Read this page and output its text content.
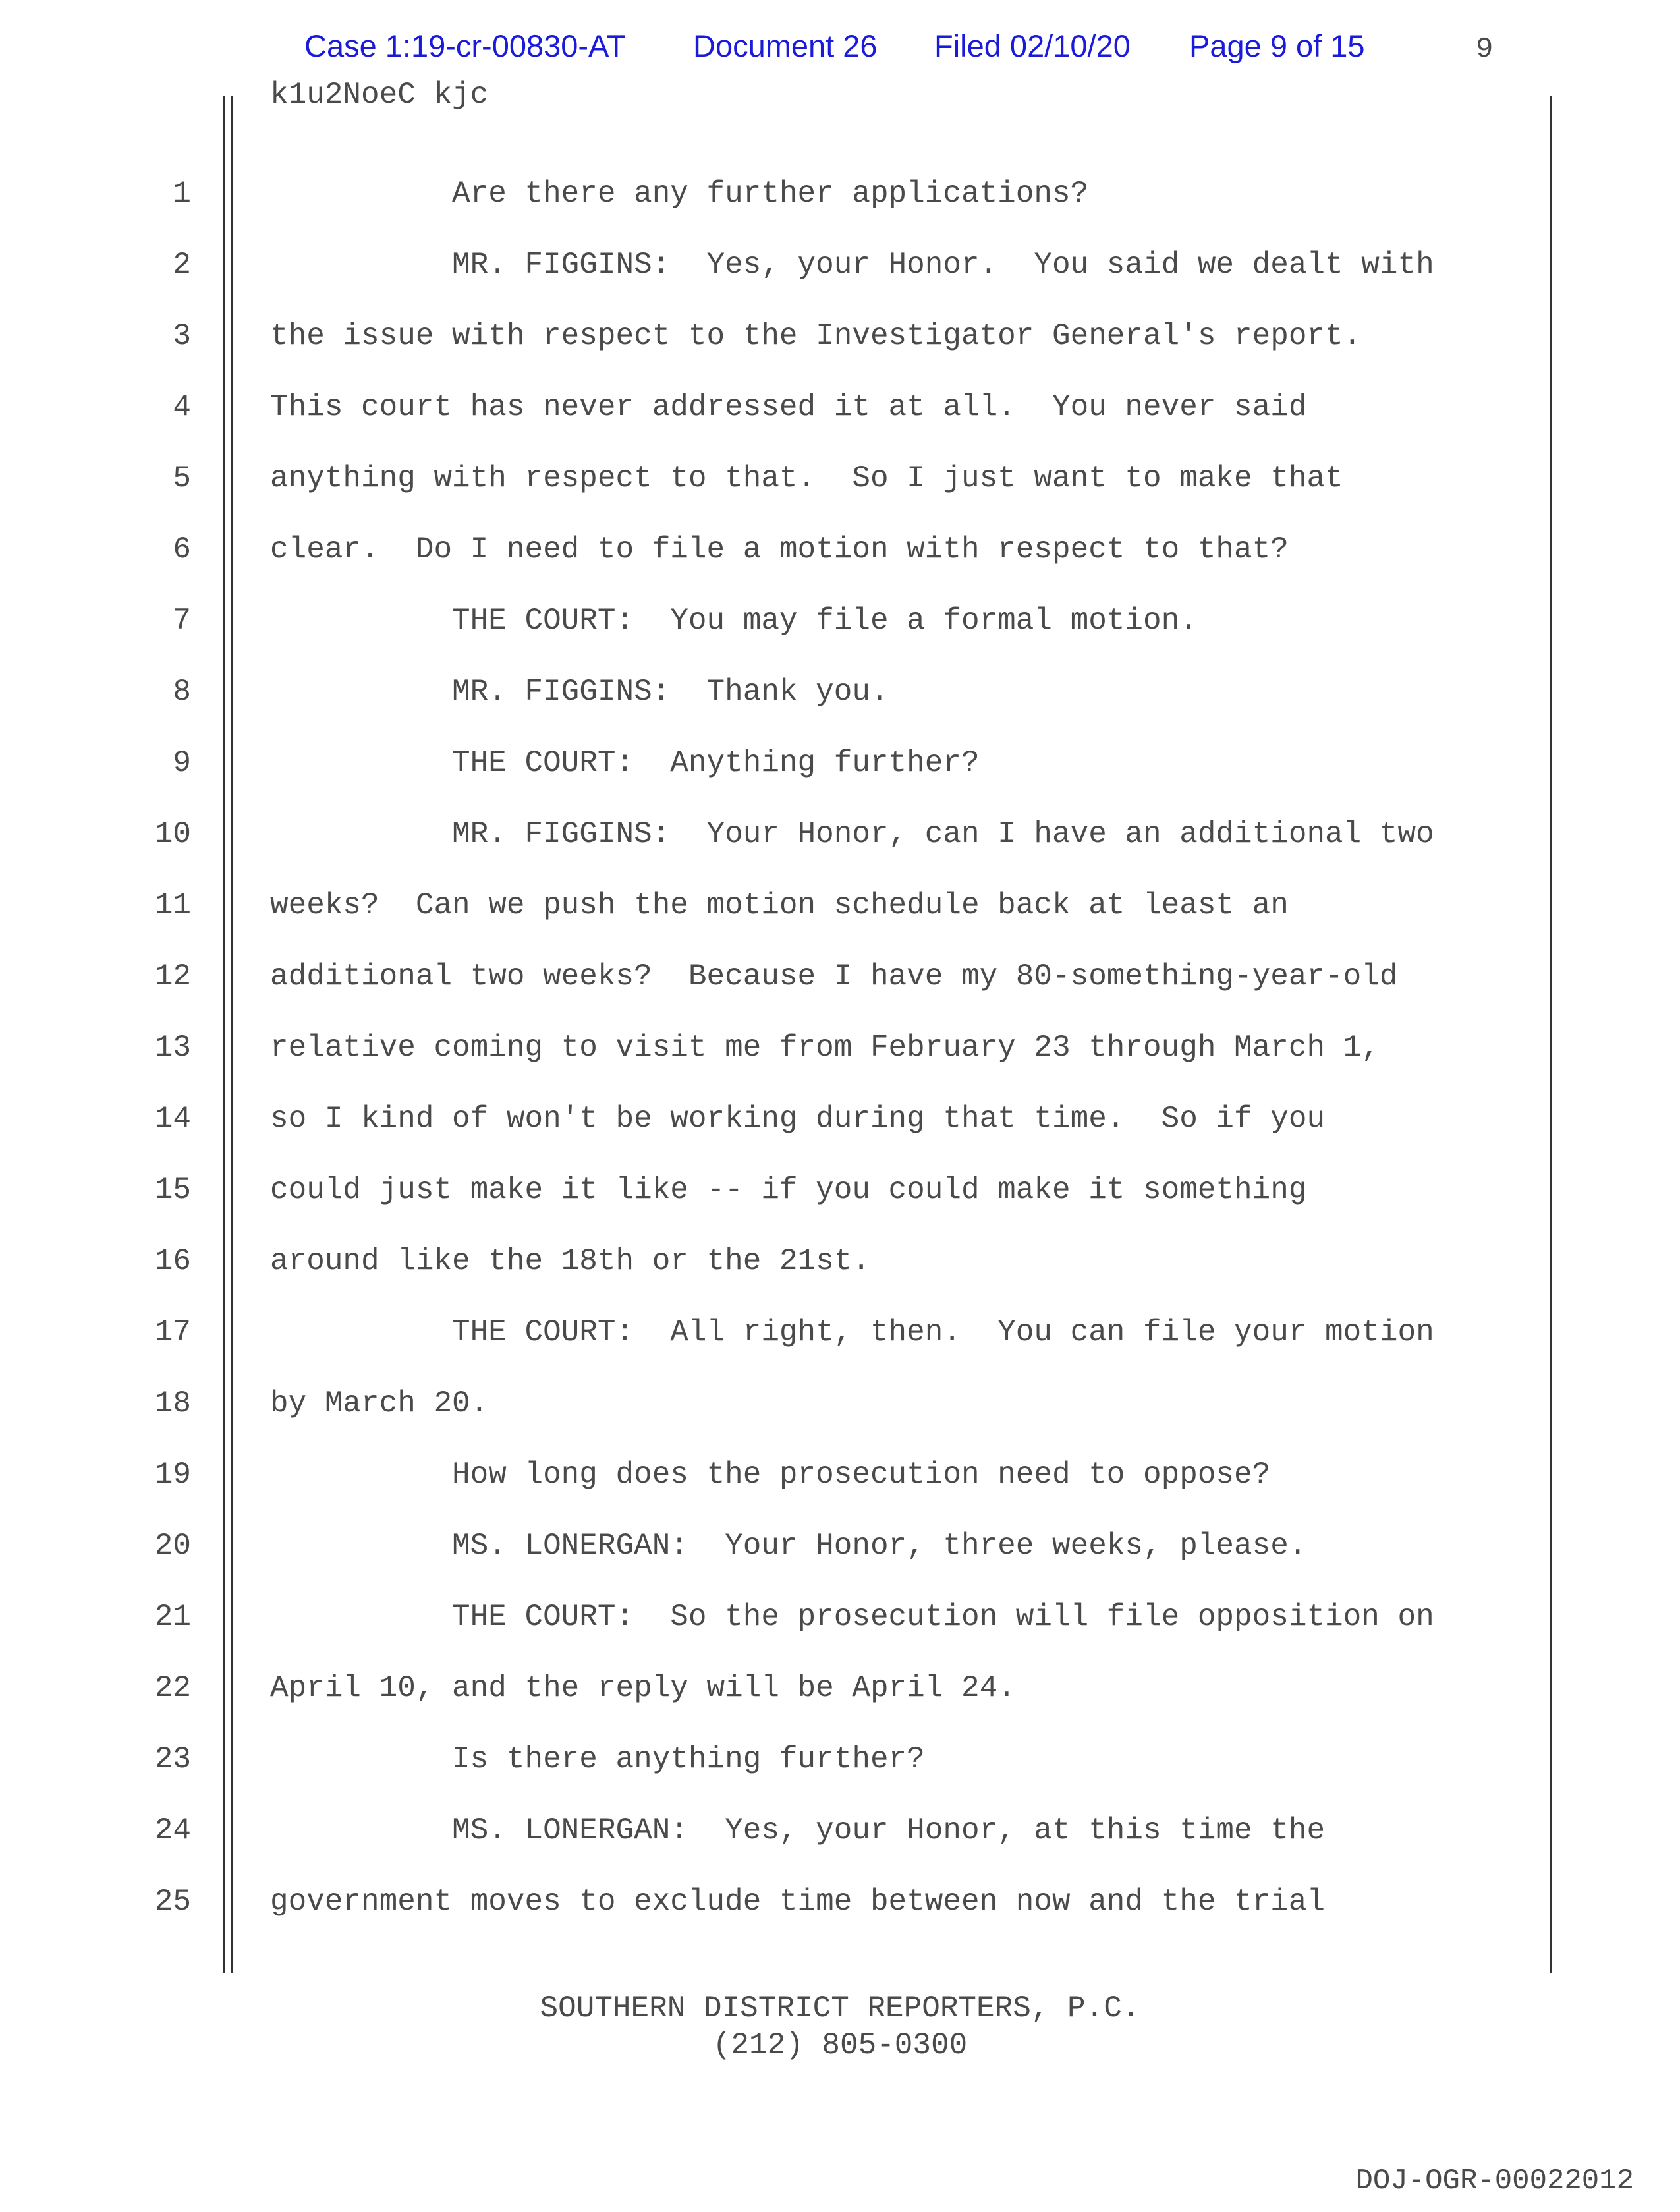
Case 1:19-cr-00830-AT Document 26 Filed 02/10/20 Page 9 of 15	9
k1u2NoeC kjc
1	Are there any further applications?
2	MR. FIGGINS:  Yes, your Honor.  You said we dealt with
3	the issue with respect to the Investigator General's report.
4	This court has never addressed it at all.  You never said
5	anything with respect to that.  So I just want to make that
6	clear.  Do I need to file a motion with respect to that?
7	THE COURT:  You may file a formal motion.
8	MR. FIGGINS:  Thank you.
9	THE COURT:  Anything further?
10	MR. FIGGINS:  Your Honor, can I have an additional two
11	weeks?  Can we push the motion schedule back at least an
12	additional two weeks?  Because I have my 80-something-year-old
13	relative coming to visit me from February 23 through March 1,
14	so I kind of won't be working during that time.  So if you
15	could just make it like -- if you could make it something
16	around like the 18th or the 21st.
17	THE COURT:  All right, then.  You can file your motion
18	by March 20.
19	How long does the prosecution need to oppose?
20	MS. LONERGAN:  Your Honor, three weeks, please.
21	THE COURT:  So the prosecution will file opposition on
22	April 10, and the reply will be April 24.
23	Is there anything further?
24	MS. LONERGAN:  Yes, your Honor, at this time the
25	government moves to exclude time between now and the trial
SOUTHERN DISTRICT REPORTERS, P.C.
(212) 805-0300
DOJ-OGR-00022012
